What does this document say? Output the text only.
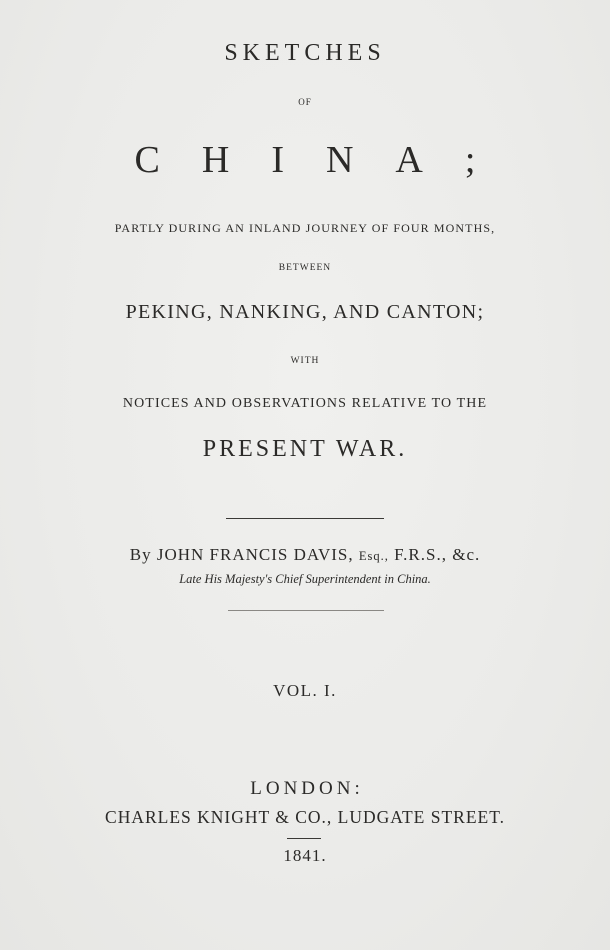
SKETCHES
OF
CHINA;
PARTLY DURING AN INLAND JOURNEY OF FOUR MONTHS,
BETWEEN
PEKING, NANKING, AND CANTON;
WITH
NOTICES AND OBSERVATIONS RELATIVE TO THE
PRESENT WAR.
By JOHN FRANCIS DAVIS, Esq., F.R.S., &c.
Late His Majesty's Chief Superintendent in China.
VOL. I.
LONDON:
CHARLES KNIGHT & CO., LUDGATE STREET.
1841.
